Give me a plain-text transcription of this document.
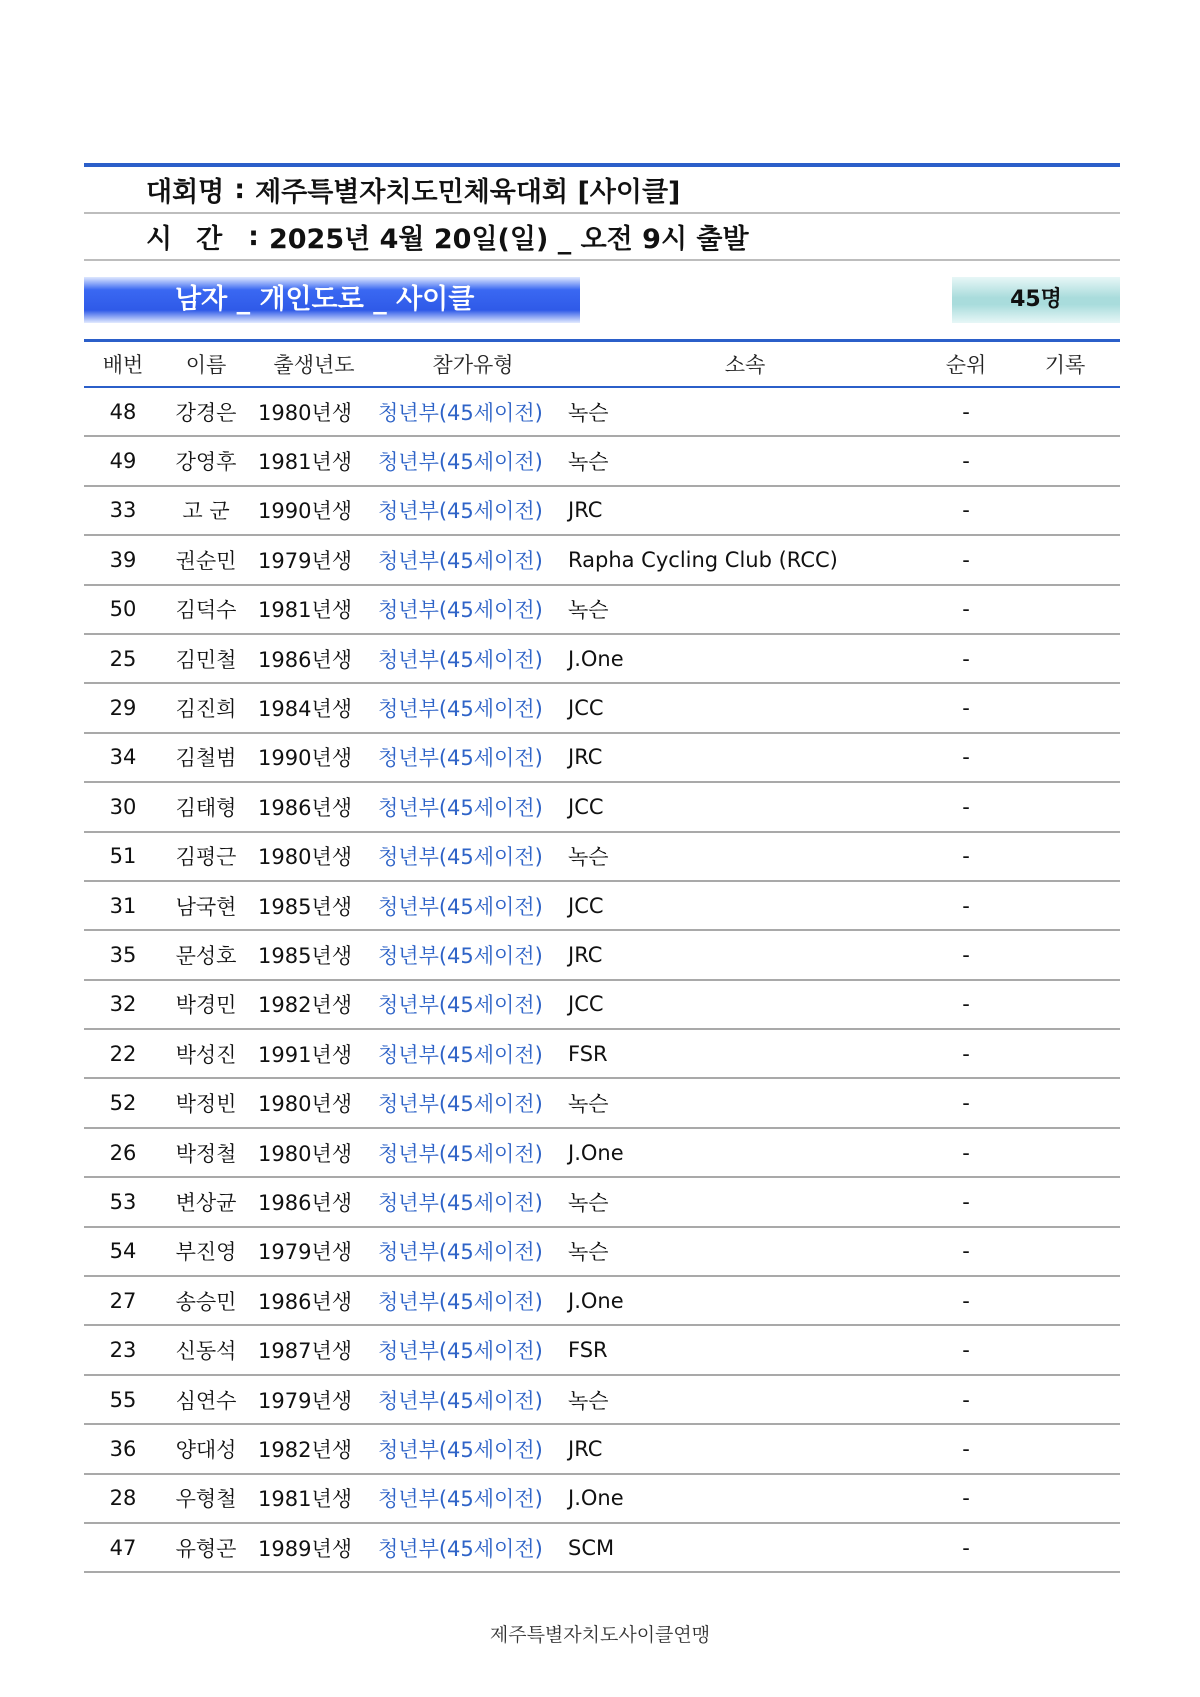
대회명 : 제주특별자치도민체육대회 [사이클]
시간 : 2025년 4월 20일(일) _ 오전 9시 출발
남자 _ 개인도로 _ 사이클	45명
배번	이름	출생년도	참가유형	소속	순위	기록
48	강경은	1980년생	청년부(45세이전)	녹슨	-
49	강영후	1981년생	청년부(45세이전)	녹슨	-
33	고 군	1990년생	청년부(45세이전)	JRC	-
39	권순민	1979년생	청년부(45세이전)	Rapha Cycling Club (RCC)	-
50	김덕수	1981년생	청년부(45세이전)	녹슨	-
25	김민철	1986년생	청년부(45세이전)	J.One	-
29	김진희	1984년생	청년부(45세이전)	JCC	-
34	김철범	1990년생	청년부(45세이전)	JRC	-
30	김태형	1986년생	청년부(45세이전)	JCC	-
51	김평근	1980년생	청년부(45세이전)	녹슨	-
31	남국현	1985년생	청년부(45세이전)	JCC	-
35	문성호	1985년생	청년부(45세이전)	JRC	-
32	박경민	1982년생	청년부(45세이전)	JCC	-
22	박성진	1991년생	청년부(45세이전)	FSR	-
52	박정빈	1980년생	청년부(45세이전)	녹슨	-
26	박정철	1980년생	청년부(45세이전)	J.One	-
53	변상균	1986년생	청년부(45세이전)	녹슨	-
54	부진영	1979년생	청년부(45세이전)	녹슨	-
27	송승민	1986년생	청년부(45세이전)	J.One	-
23	신동석	1987년생	청년부(45세이전)	FSR	-
55	심연수	1979년생	청년부(45세이전)	녹슨	-
36	양대성	1982년생	청년부(45세이전)	JRC	-
28	우형철	1981년생	청년부(45세이전)	J.One	-
47	유형곤	1989년생	청년부(45세이전)	SCM	-
제주특별자치도사이클연맹
